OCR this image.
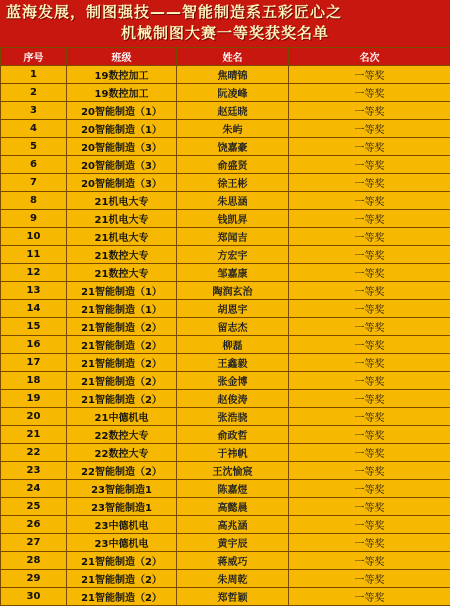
蓝海发展，制图强技——智能制造系五彩匠心之
机械制图大赛一等奖获奖名单
序号	班级	姓名	名次
1	19数控加工	焦晴锦	一等奖
2	19数控加工	阮凌峰	一等奖
3	20智能制造（1）	赵廷晓	一等奖
4	20智能制造（1）	朱屿	一等奖
5	20智能制造（3）	饶嘉豪	一等奖
6	20智能制造（3）	俞盛贤	一等奖
7	20智能制造（3）	徐王彬	一等奖
8	21机电大专	朱思涵	一等奖
9	21机电大专	钱凯昇	一等奖
10	21机电大专	郑闻吉	一等奖
11	21数控大专	方宏宇	一等奖
12	21数控大专	邹嘉康	一等奖
13	21智能制造（1）	陶润玄治	一等奖
14	21智能制造（1）	胡恩宇	一等奖
15	21智能制造（2）	留志杰	一等奖
16	21智能制造（2）	柳磊	一等奖
17	21智能制造（2）	王鑫毅	一等奖
18	21智能制造（2）	张金博	一等奖
19	21智能制造（2）	赵俊涛	一等奖
20	21中德机电	张浩骁	一等奖
21	22数控大专	俞政哲	一等奖
22	22数控大专	于祎帆	一等奖
23	22智能制造（2）	王沈愉宸	一等奖
24	23智能制造1	陈嘉煜	一等奖
25	23智能制造1	高懿晨	一等奖
26	23中德机电	高兆涵	一等奖
27	23中德机电	黄宇辰	一等奖
28	21智能制造（2）	蒋威巧	一等奖
29	21智能制造（2）	朱周乾	一等奖
30	21智能制造（2）	郑哲颖	一等奖
